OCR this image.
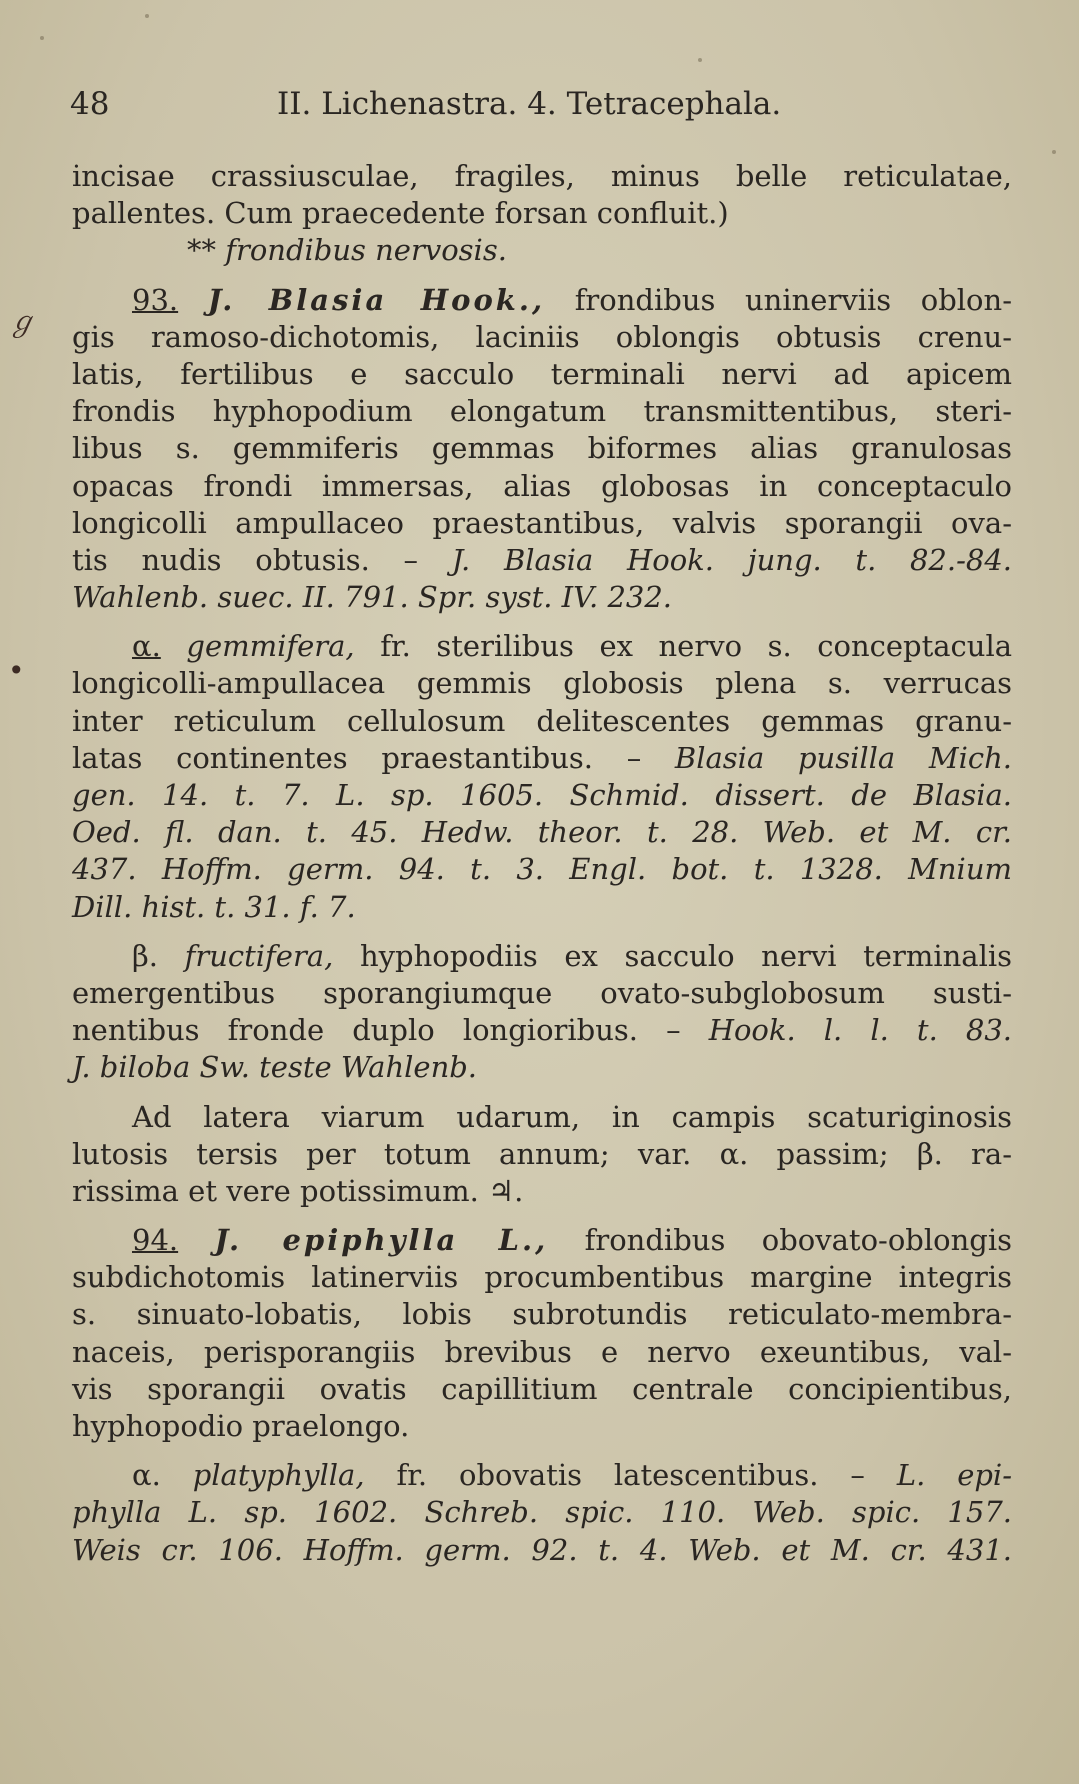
48	II. Lichenastra. 4. Tetracephala.
ℊ
•
incisae crassiusculae, fragiles, minus belle reticulatae,
pallentes. Cum praecedente forsan confluit.)
** frondibus nervosis.
93. J. Blasia Hook., frondibus uninerviis oblon-
gis ramoso-dichotomis, laciniis oblongis obtusis crenu-
latis, fertilibus e sacculo terminali nervi ad apicem
frondis hyphopodium elongatum transmittentibus, steri-
libus s. gemmiferis gemmas biformes alias granulosas
opacas frondi immersas, alias globosas in conceptaculo
longicolli ampullaceo praestantibus, valvis sporangii ova-
tis nudis obtusis. – J. Blasia Hook. jung. t. 82.-84.
Wahlenb. suec. II. 791. Spr. syst. IV. 232.
α. gemmifera, fr. sterilibus ex nervo s. conceptacula
longicolli-ampullacea gemmis globosis plena s. verrucas
inter reticulum cellulosum delitescentes gemmas granu-
latas continentes praestantibus. – Blasia pusilla Mich.
gen. 14. t. 7. L. sp. 1605. Schmid. dissert. de Blasia.
Oed. fl. dan. t. 45. Hedw. theor. t. 28. Web. et M. cr.
437. Hoffm. germ. 94. t. 3. Engl. bot. t. 1328. Mnium
Dill. hist. t. 31. f. 7.
β. fructifera, hyphopodiis ex sacculo nervi terminalis
emergentibus sporangiumque ovato-subglobosum susti-
nentibus fronde duplo longioribus. – Hook. l. l. t. 83.
J. biloba Sw. teste Wahlenb.
Ad latera viarum udarum, in campis scaturiginosis
lutosis tersis per totum annum; var. α. passim; β. ra-
rissima et vere potissimum. ♃.
94. J. epiphylla L., frondibus obovato-oblongis
subdichotomis latinerviis procumbentibus margine integris
s. sinuato-lobatis, lobis subrotundis reticulato-membra-
naceis, perisporangiis brevibus e nervo exeuntibus, val-
vis sporangii ovatis capillitium centrale concipientibus,
hyphopodio praelongo.
α. platyphylla, fr. obovatis latescentibus. – L. epi-
phylla L. sp. 1602. Schreb. spic. 110. Web. spic. 157.
Weis cr. 106. Hoffm. germ. 92. t. 4. Web. et M. cr. 431.
